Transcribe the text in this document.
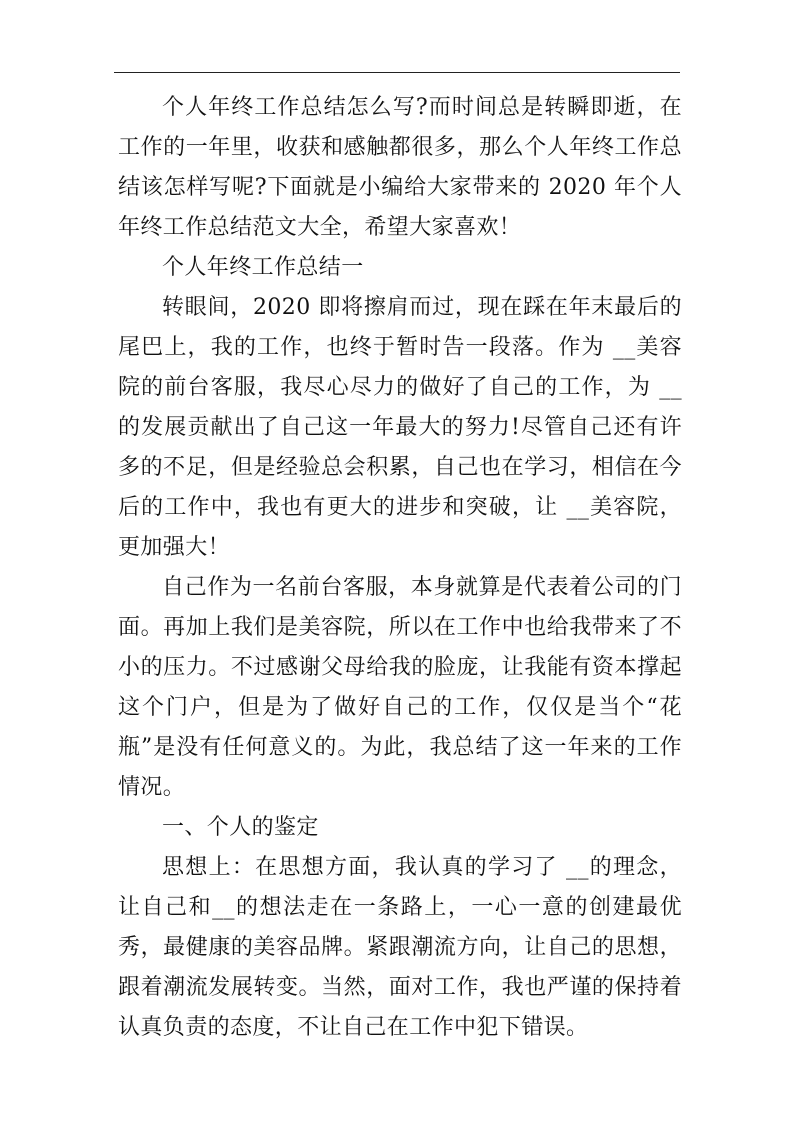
个人年终工作总结怎么写?而时间总是转瞬即逝，在工作的一年里，收获和感触都很多，那么个人年终工作总结该怎样写呢?下面就是小编给大家带来的 2020 年个人年终工作总结范文大全，希望大家喜欢！

个人年终工作总结一

转眼间，2020 即将擦肩而过，现在踩在年末最后的尾巴上，我的工作，也终于暂时告一段落。作为 __美容院的前台客服，我尽心尽力的做好了自己的工作，为 __的发展贡献出了自己这一年最大的努力!尽管自己还有许多的不足，但是经验总会积累，自己也在学习，相信在今后的工作中，我也有更大的进步和突破，让 __美容院，更加强大！

自己作为一名前台客服，本身就算是代表着公司的门面。再加上我们是美容院，所以在工作中也给我带来了不小的压力。不过感谢父母给我的脸庞，让我能有资本撑起这个门户，但是为了做好自己的工作，仅仅是当个“花瓶”是没有任何意义的。为此，我总结了这一年来的工作情况。

一、个人的鉴定

思想上：在思想方面，我认真的学习了 __的理念，让自己和__的想法走在一条路上，一心一意的创建最优秀，最健康的美容品牌。紧跟潮流方向，让自己的思想，跟着潮流发展转变。当然，面对工作，我也严谨的保持着认真负责的态度，不让自己在工作中犯下错误。
